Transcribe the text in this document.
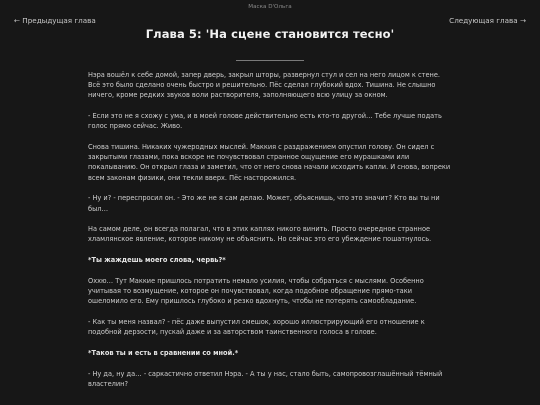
← Предыдущая глава
Маска D'Ольга
Следующая глава →
Глава 5: 'На сцене становится тесно'

Нэра вошёл к себе домой, запер дверь, закрыл шторы, развернул стул и сел на него лицом к стене. Всё это было сделано очень быстро и решительно. Пёс сделал глубокий вдох. Тишина. Не слышно ничего, кроме редких звуков воли растворителя, заполняющего всю улицу за окном.

- Если это не я схожу с ума, и в моей голове действительно есть кто-то другой… Тебе лучше подать голос прямо сейчас. Живо.

Снова тишина. Никаких чужеродных мыслей. Маккия с раздражением опустил голову. Он сидел с закрытыми глазами, пока вскоре не почувствовал странное ощущение его мурашками или покалыванию. Он открыл глаза и заметил, что от него снова начали исходить капли. И снова, вопреки всем законам физики, они текли вверх. Пёс насторожился.

- Ну и? - переспросил он. - Это же не я сам делаю. Может, объяснишь, что это значит? Кто вы ты ни был…

На самом деле, он всегда полагал, что в этих каплях никого винить. Просто очередное странное хламлянское явление, которое никому не объяснить. Но сейчас это его убеждение пошатнулось.

*Ты жаждешь моего слова, червь?*

Оххю… Тут Маккие пришлось потратить немало усилия, чтобы собраться с мыслями. Особенно учитывая то возмущение, которое он почувствовал, когда подобное обращение прямо-таки ошеломило его. Ему пришлось глубоко и резко вдохнуть, чтобы не потерять самообладание.

- Как ты меня назвал? - пёс даже выпустил смешок, хорошо иллюстрирующий его отношение к подобной дерзости, пускай даже и за авторством таинственного голоса в голове.

*Таков ты и есть в сравнении со мной.*

- Ну да, ну да… - саркастично ответил Нэра. - А ты у нас, стало быть, самопровозглашённый тёмный властелин?
